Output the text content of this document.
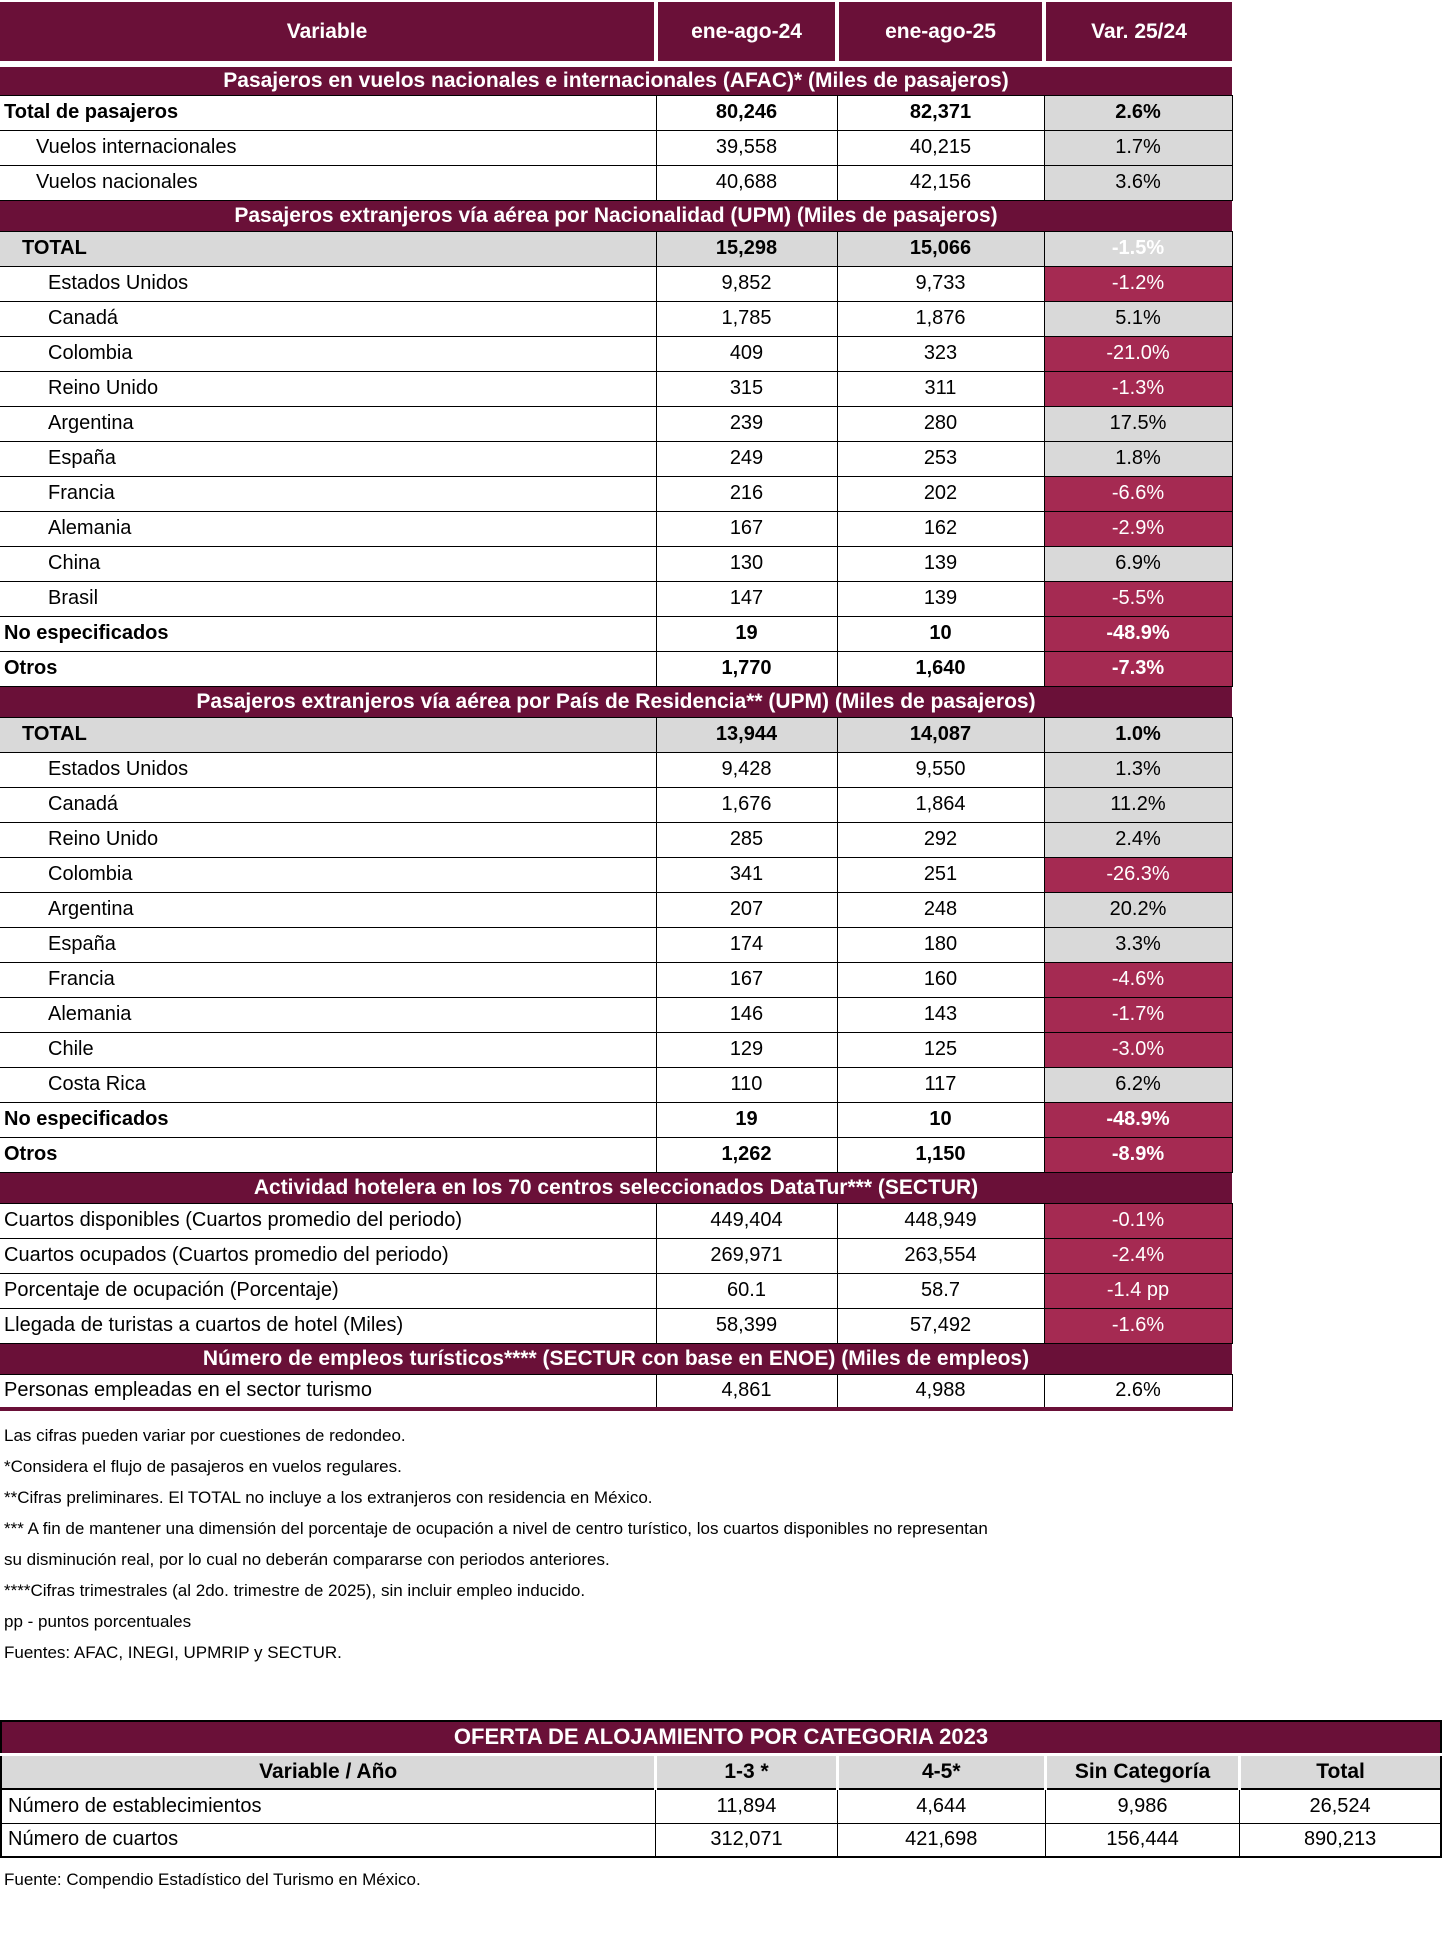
Variable	ene-ago-24	ene-ago-25	Var. 25/24
Pasajeros en vuelos nacionales e internacionales (AFAC)* (Miles de pasajeros)			
Total de pasajeros	80,246	82,371	2.6%
Vuelos internacionales	39,558	40,215	1.7%
Vuelos nacionales	40,688	42,156	3.6%
Pasajeros extranjeros vía aérea por Nacionalidad (UPM) (Miles de pasajeros)			
TOTAL	15,298	15,066	-1.5%
Estados Unidos	9,852	9,733	-1.2%
Canadá	1,785	1,876	5.1%
Colombia	409	323	-21.0%
Reino Unido	315	311	-1.3%
Argentina	239	280	17.5%
España	249	253	1.8%
Francia	216	202	-6.6%
Alemania	167	162	-2.9%
China	130	139	6.9%
Brasil	147	139	-5.5%
No especificados	19	10	-48.9%
Otros	1,770	1,640	-7.3%
Pasajeros extranjeros vía aérea por País de Residencia** (UPM) (Miles de pasajeros)			
TOTAL	13,944	14,087	1.0%
Estados Unidos	9,428	9,550	1.3%
Canadá	1,676	1,864	11.2%
Reino Unido	285	292	2.4%
Colombia	341	251	-26.3%
Argentina	207	248	20.2%
España	174	180	3.3%
Francia	167	160	-4.6%
Alemania	146	143	-1.7%
Chile	129	125	-3.0%
Costa Rica	110	117	6.2%
No especificados	19	10	-48.9%
Otros	1,262	1,150	-8.9%
Actividad hotelera en los 70 centros seleccionados DataTur*** (SECTUR)			
Cuartos disponibles (Cuartos promedio del periodo)	449,404	448,949	-0.1%
Cuartos ocupados (Cuartos promedio del periodo)	269,971	263,554	-2.4%
Porcentaje de ocupación (Porcentaje)	60.1	58.7	-1.4 pp
Llegada de turistas a cuartos de hotel (Miles)	58,399	57,492	-1.6%
Número de empleos turísticos**** (SECTUR con base en ENOE) (Miles de empleos)			
Personas empleadas en el sector turismo	4,861	4,988	2.6%

Las cifras pueden variar por cuestiones de redondeo.

*Considera el flujo de pasajeros en vuelos regulares.

**Cifras preliminares. El TOTAL no incluye a los extranjeros con residencia en México.

*** A fin de mantener una dimensión del porcentaje de ocupación a nivel de centro turístico, los cuartos disponibles no representan

su disminución real, por lo cual no deberán compararse con periodos anteriores.

****Cifras trimestrales (al 2do. trimestre de 2025), sin incluir empleo inducido.

pp - puntos porcentuales

Fuentes: AFAC, INEGI, UPMRIP y SECTUR.

OFERTA DE ALOJAMIENTO POR CATEGORIA 2023				
Variable / Año	1-3 *	4-5*	Sin Categoría	Total
Número de establecimientos	11,894	4,644	9,986	26,524
Número de cuartos	312,071	421,698	156,444	890,213
Fuente: Compendio Estadístico del Turismo en México.
